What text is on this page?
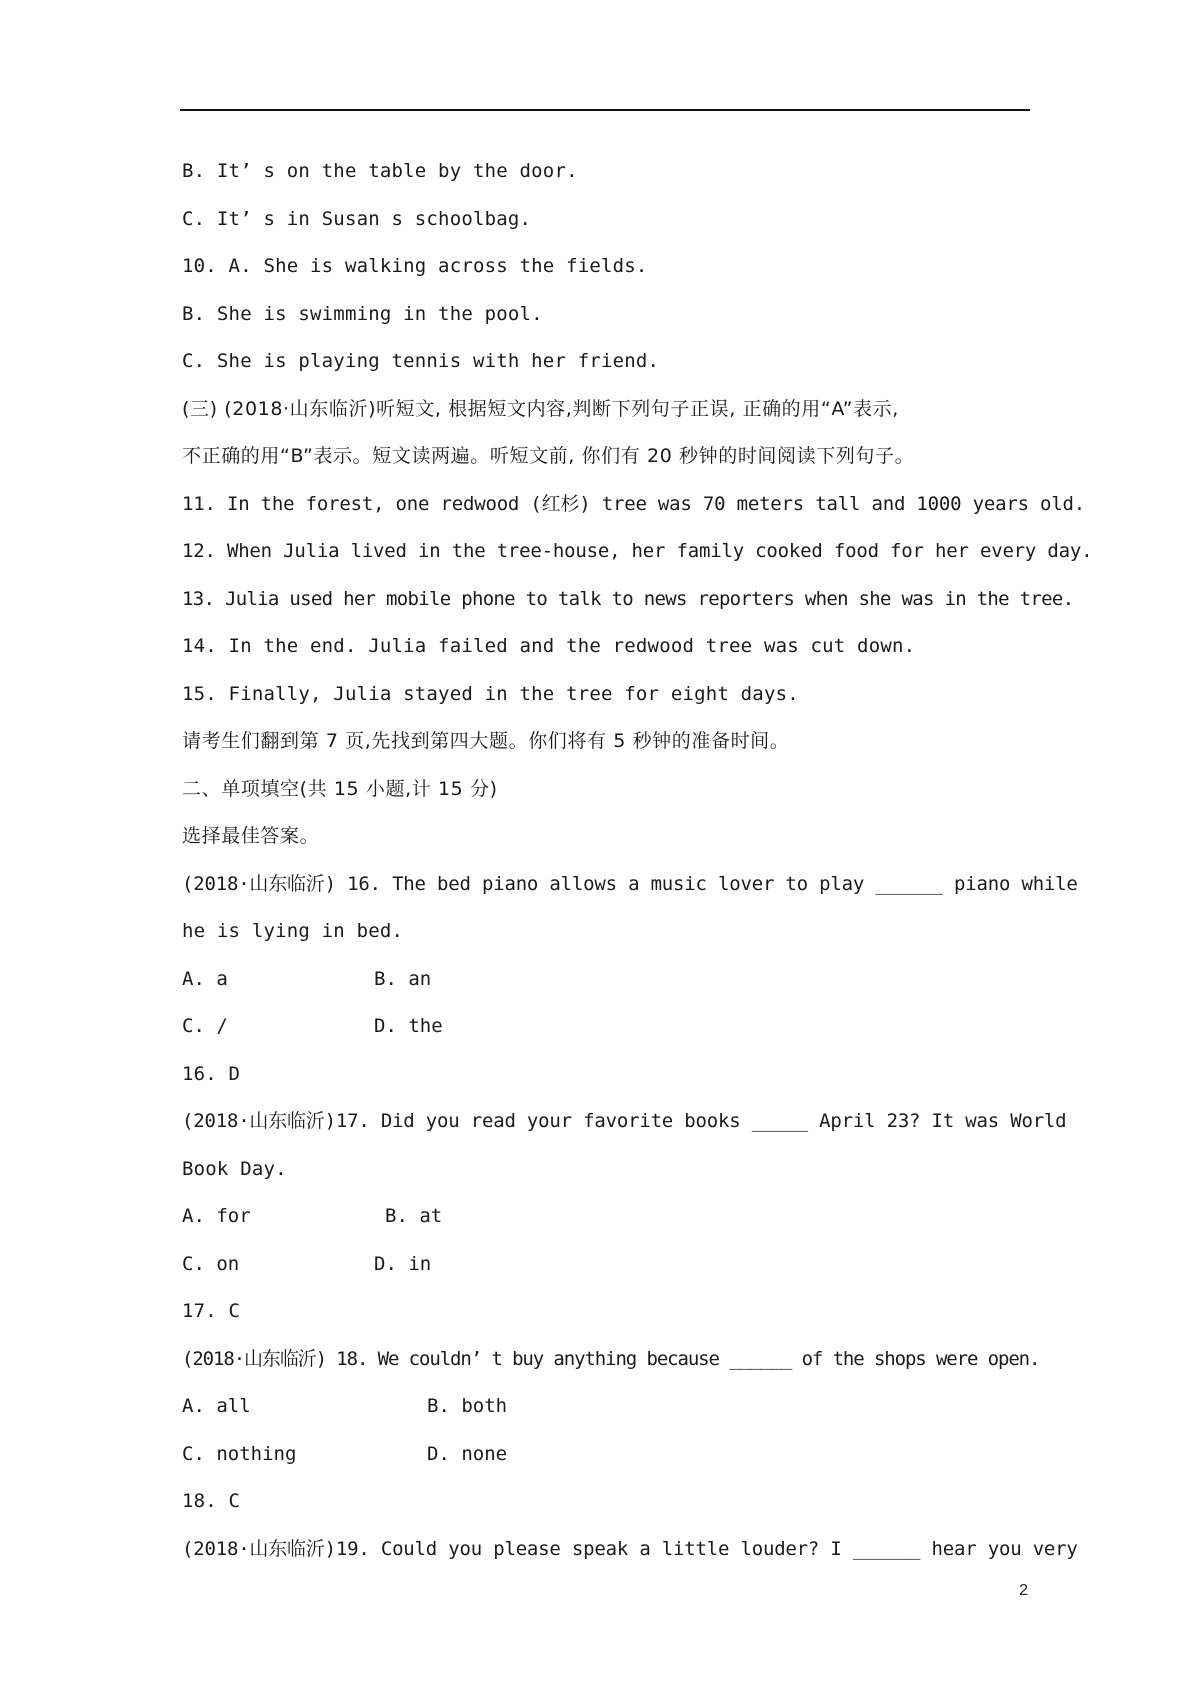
B. It’ s on the table by the door.
C. It’ s in Susan s schoolbag.
10. A. She is walking across the fields.
B. She is swimming in the pool.
C. She is playing tennis with her friend.
(三) (2018·山东临沂)听短文, 根据短文内容,判断下列句子正误, 正确的用“A”表示,
不正确的用“B”表示。短文读两遍。听短文前, 你们有 20 秒钟的时间阅读下列句子。
11. In the forest, one redwood (红杉) tree was 70 meters tall and 1000 years old.
12. When Julia lived in the tree-house, her family cooked food for her every day.
13. Julia used her mobile phone to talk to news reporters when she was in the tree.
14. In the end. Julia failed and the redwood tree was cut down.
15. Finally, Julia stayed in the tree for eight days.
请考生们翻到第 7 页,先找到第四大题。你们将有 5 秒钟的准备时间。
二、单项填空(共 15 小题,计 15 分)
选择最佳答案。
(2018·山东临沂) 16. The bed piano allows a music lover to play ______ piano while
he is lying in bed.
A. a	B. an
C. /	D. the
16. D
(2018·山东临沂)17. Did you read your favorite books _____ April 23? It was World
Book Day.
A. for	B. at
C. on	D. in
17. C
(2018·山东临沂) 18. We couldn’ t buy anything because ______ of the shops were open.
A. all	B. both
C. nothing	D. none
18. C
(2018·山东临沂)19. Could you please speak a little louder? I ______ hear you very
2
